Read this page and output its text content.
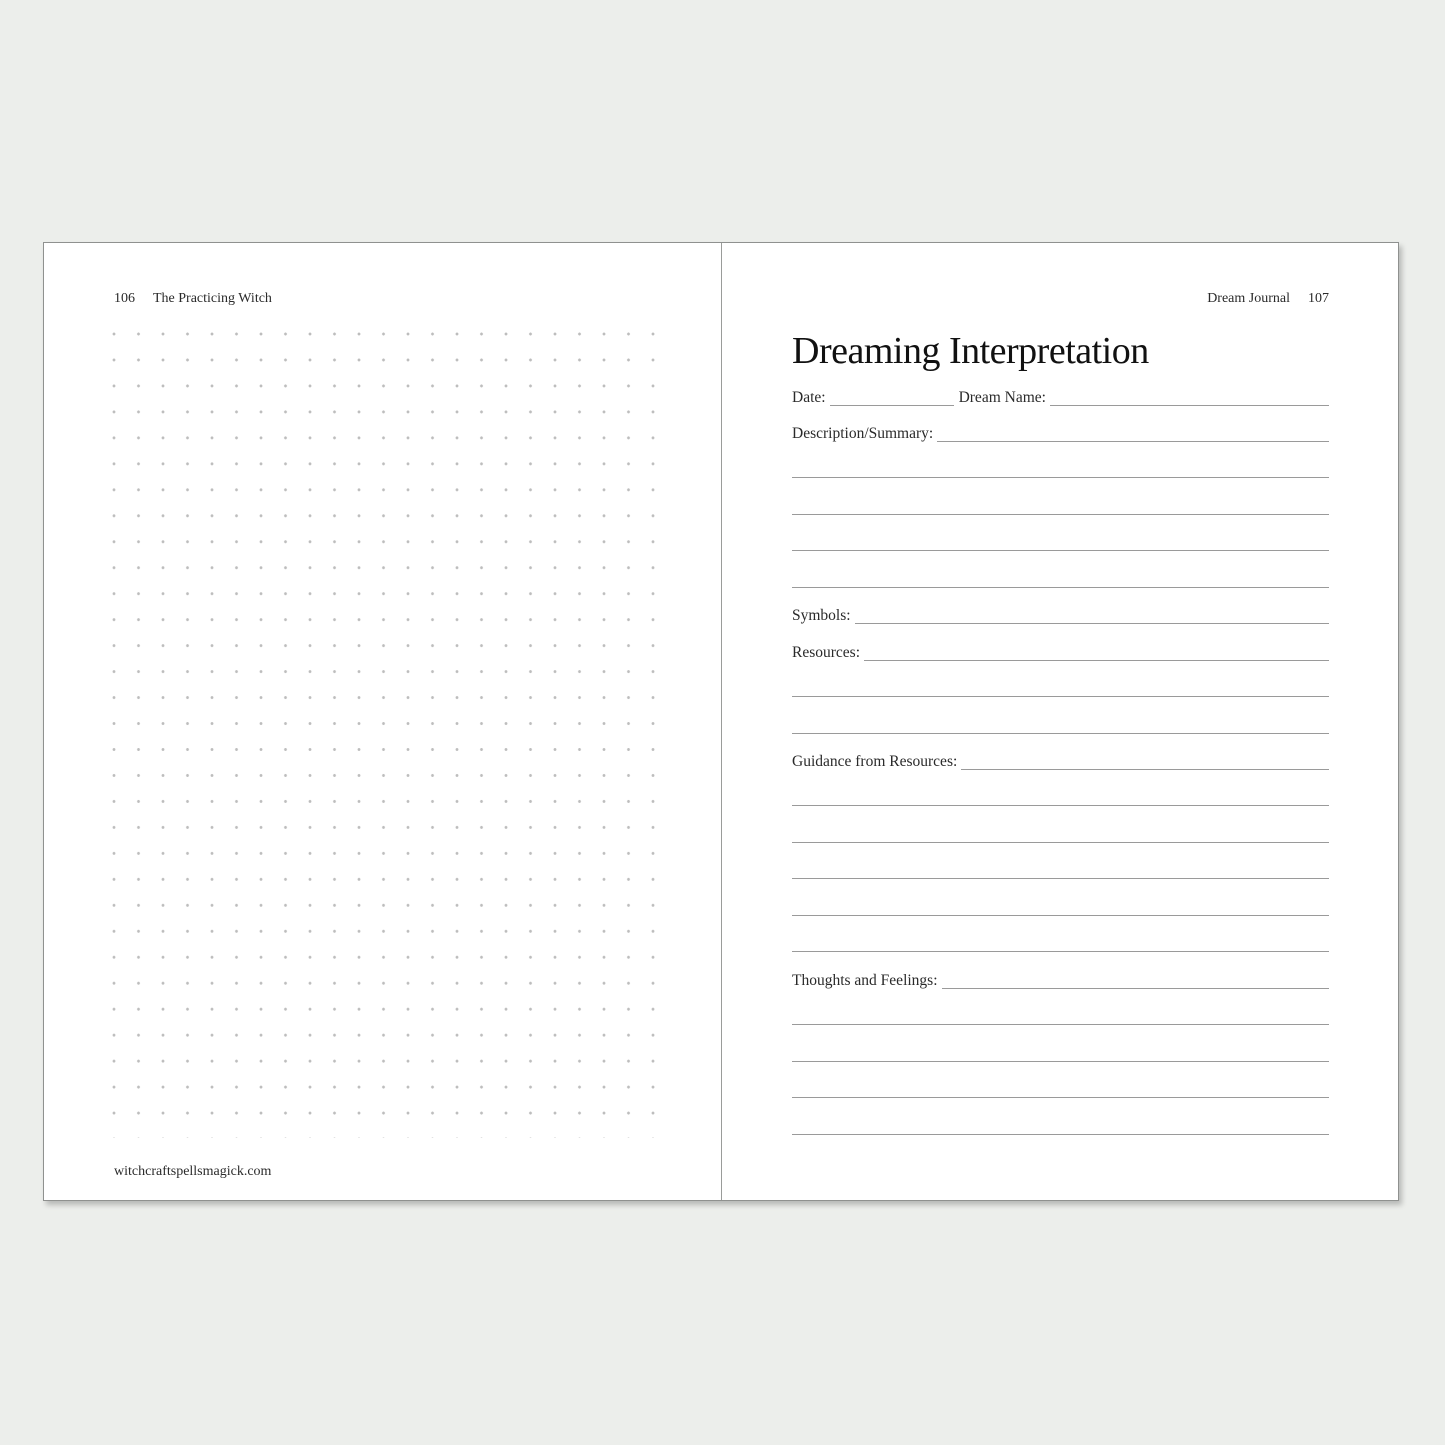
106 The Practicing Witch
witchcraftspellsmagick.com
Dream Journal 107
Dreaming Interpretation
Date:	Dream Name:
Description/Summary:
Symbols:
Resources:
Guidance from Resources:
Thoughts and Feelings:
